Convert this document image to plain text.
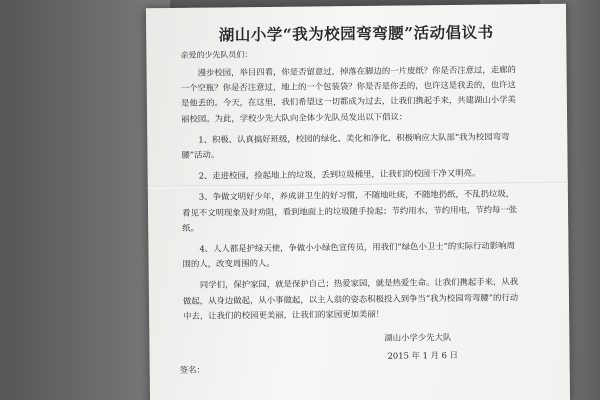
湖山小学“我为校园弯弯腰”活动倡议书
亲爱的少先队员们：

漫步校园，举目四看，你是否留意过，掉落在脚边的一片废纸？你是否注意过，走廊的一个空瓶？你是否注意过，地上的一个包装袋？你是否是你丢的，也许这是我丢的，也许这是他丢的。今天，在这里，我们希望这一切都成为过去，让我们携起手来，共建湖山小学美丽校园。为此，学校少先大队向全体少先队员发出以下倡议：

1、积极、认真搞好班级，校园的绿化、美化和净化，积极响应大队部“我为校园弯弯腰”活动。

2、走进校园，捡起地上的垃圾，丢到垃圾桶里，让我们的校园干净又明亮。

3、争做文明好少年，养成讲卫生的好习惯，不随地吐痰，不随地扔纸，不乱扔垃圾，看见不文明现象及时劝阻，看到地面上的垃圾随手捡起；节约用水，节约用电，节约每一张纸。

4、人人都是护绿天使，争做小小绿色宣传员，用我们“绿色小卫士”的实际行动影响周围的人，改变周围的人。

同学们，保护家园，就是保护自己；热爱家园，就是热爱生命。让我们携起手来，从我做起，从身边做起，从小事做起，以主人翁的姿态积极投入到争当“我为校园弯弯腰”的行动中去，让我们的校园更美丽，让我们的家园更加美丽！

湖山小学少先大队
2015 年 1 月 6 日
签名：
